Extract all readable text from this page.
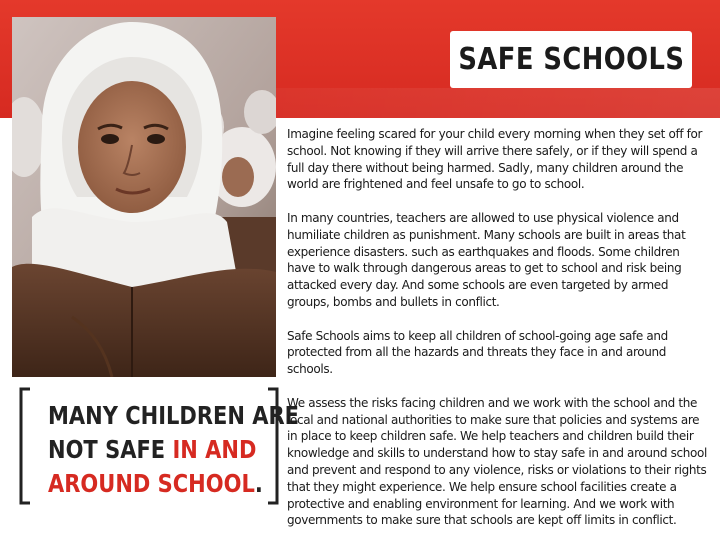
SAFE SCHOOLS
MANY CHILDREN ARE
NOT SAFE IN AND
AROUND SCHOOL.

Imagine feeling scared for your child every morning when they set off for school. Not knowing if they will arrive there safely, or if they will spend a full day there without being harmed. Sadly, many children around the world are frightened and feel unsafe to go to school.

In many countries, teachers are allowed to use physical violence and humiliate children as punishment. Many schools are built in areas that experience disasters. such as earthquakes and floods. Some children have to walk through dangerous areas to get to school and risk being attacked every day. And some schools are even targeted by armed groups, bombs and bullets in conflict.

Safe Schools aims to keep all children of school-going age safe and protected from all the hazards and threats they face in and around schools.

We assess the risks facing children and we work with the school and the local and national authorities to make sure that policies and systems are in place to keep children safe. We help teachers and children build their knowledge and skills to understand how to stay safe in and around school and prevent and respond to any violence, risks or violations to their rights that they might experience. We help ensure school facilities create a protective and enabling environment for learning. And we work with governments to make sure that schools are kept off limits in conflict.
